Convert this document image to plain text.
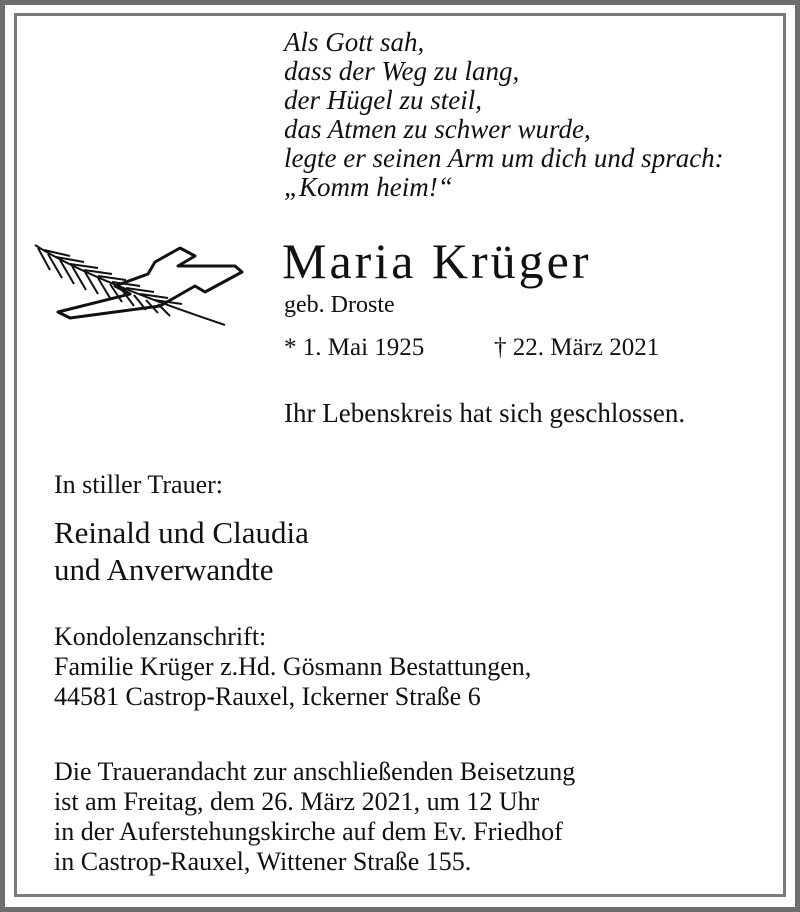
Als Gott sah,
dass der Weg zu lang,
der Hügel zu steil,
das Atmen zu schwer wurde,
legte er seinen Arm um dich und sprach:
„Komm heim!“
Maria Krüger
geb. Droste
* 1. Mai 1925	† 22. März 2021
Ihr Lebenskreis hat sich geschlossen.
In stiller Trauer:
Reinald und Claudia
und Anverwandte
Kondolenzanschrift:
Familie Krüger z.Hd. Gösmann Bestattungen,
44581 Castrop-Rauxel, Ickerner Straße 6
Die Trauerandacht zur anschließenden Beisetzung
ist am Freitag, dem 26. März 2021, um 12 Uhr
in der Auferstehungskirche auf dem Ev. Friedhof
in Castrop-Rauxel, Wittener Straße 155.
